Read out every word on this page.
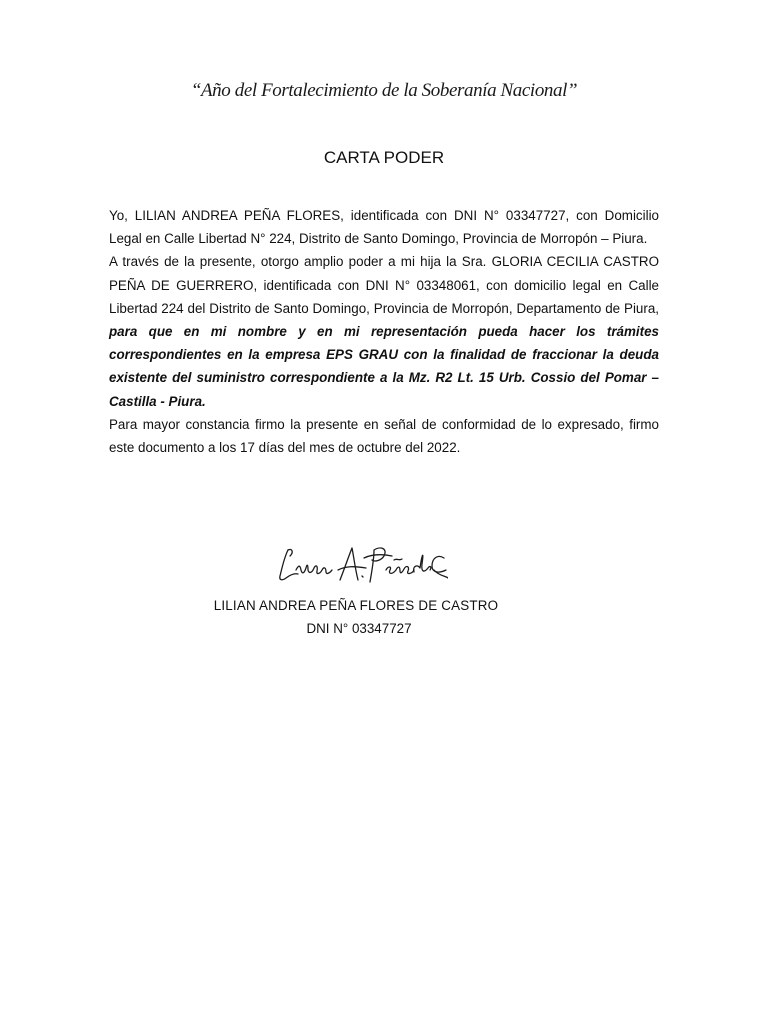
“Año del Fortalecimiento de la Soberanía Nacional”
CARTA PODER

Yo, LILIAN ANDREA PEÑA FLORES, identificada con DNI N° 03347727, con Domicilio Legal en Calle Libertad N° 224, Distrito de Santo Domingo, Provincia de Morropón – Piura.

A través de la presente, otorgo amplio poder a mi hija la Sra. GLORIA CECILIA CASTRO PEÑA DE GUERRERO, identificada con DNI N° 03348061, con domicilio legal en Calle Libertad 224 del Distrito de Santo Domingo, Provincia de Morropón, Departamento de Piura, para que en mi nombre y en mi representación pueda hacer los trámites correspondientes en la empresa EPS GRAU con la finalidad de fraccionar la deuda existente del suministro correspondiente a la Mz. R2 Lt. 15 Urb. Cossio del Pomar – Castilla - Piura.

Para mayor constancia firmo la presente en señal de conformidad de lo expresado, firmo este documento a los 17 días del mes de octubre del 2022.

LILIAN ANDREA PEÑA FLORES DE CASTRO
DNI N° 03347727
